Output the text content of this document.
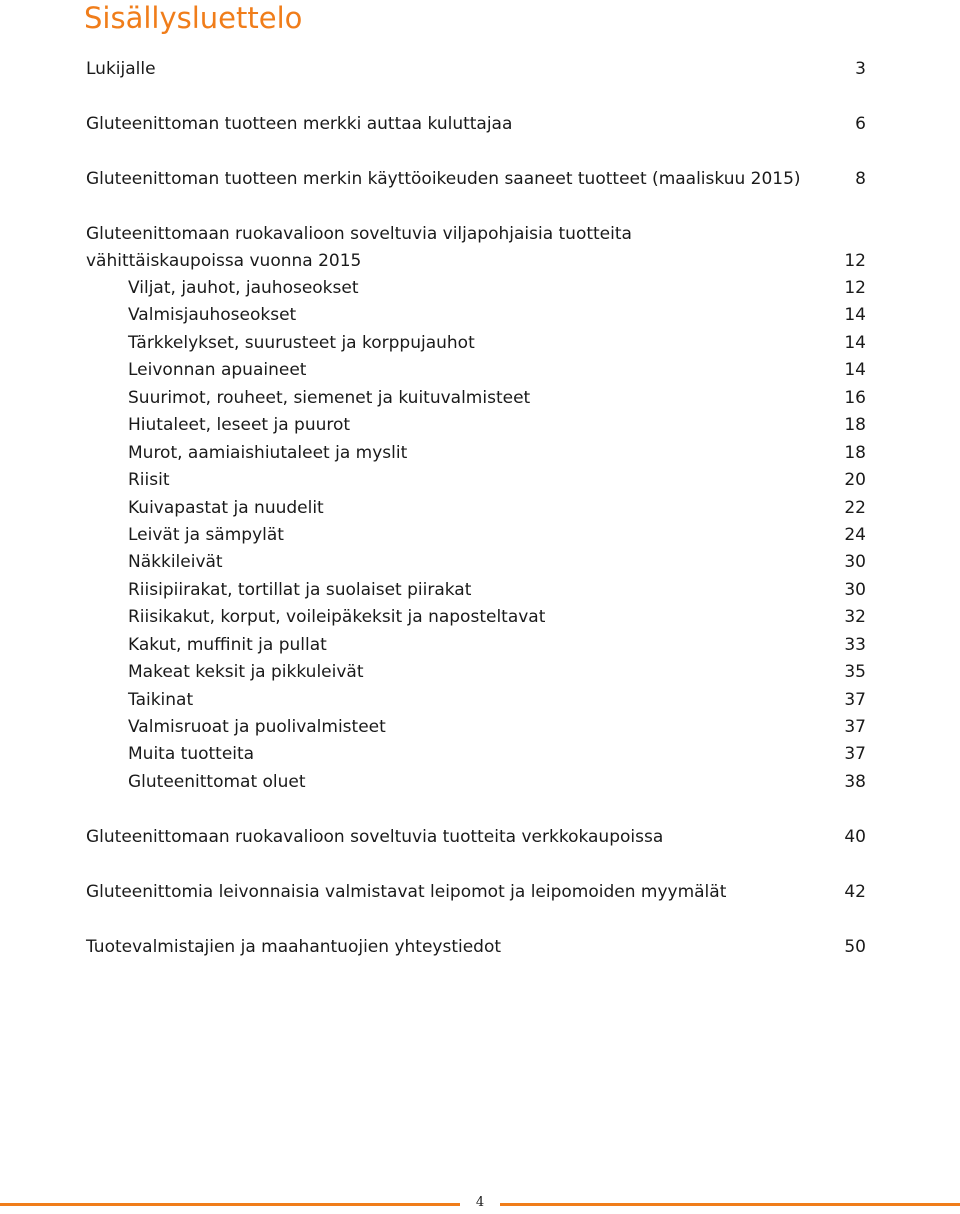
Sisällysluettelo
Lukijalle	3
Gluteenittoman tuotteen merkki auttaa kuluttajaa	6
Gluteenittoman tuotteen merkin käyttöoikeuden saaneet tuotteet (maaliskuu 2015)	8
Gluteenittomaan ruokavalioon soveltuvia viljapohjaisia tuotteita
vähittäiskaupoissa vuonna 2015	12
Viljat, jauhot, jauhoseokset	12
Valmisjauhoseokset	14
Tärkkelykset, suurusteet ja korppujauhot	14
Leivonnan apuaineet	14
Suurimot, rouheet, siemenet ja kuituvalmisteet	16
Hiutaleet, leseet ja puurot	18
Murot, aamiaishiutaleet ja myslit	18
Riisit	20
Kuivapastat ja nuudelit	22
Leivät ja sämpylät	24
Näkkileivät	30
Riisipiirakat, tortillat ja suolaiset piirakat	30
Riisikakut, korput, voileipäkeksit ja naposteltavat	32
Kakut, muffinit ja pullat	33
Makeat keksit ja pikkuleivät	35
Taikinat	37
Valmisruoat ja puolivalmisteet	37
Muita tuotteita	37
Gluteenittomat oluet	38
Gluteenittomaan ruokavalioon soveltuvia tuotteita verkkokaupoissa	40
Gluteenittomia leivonnaisia valmistavat leipomot ja leipomoiden myymälät	42
Tuotevalmistajien ja maahantuojien yhteystiedot	50
4
